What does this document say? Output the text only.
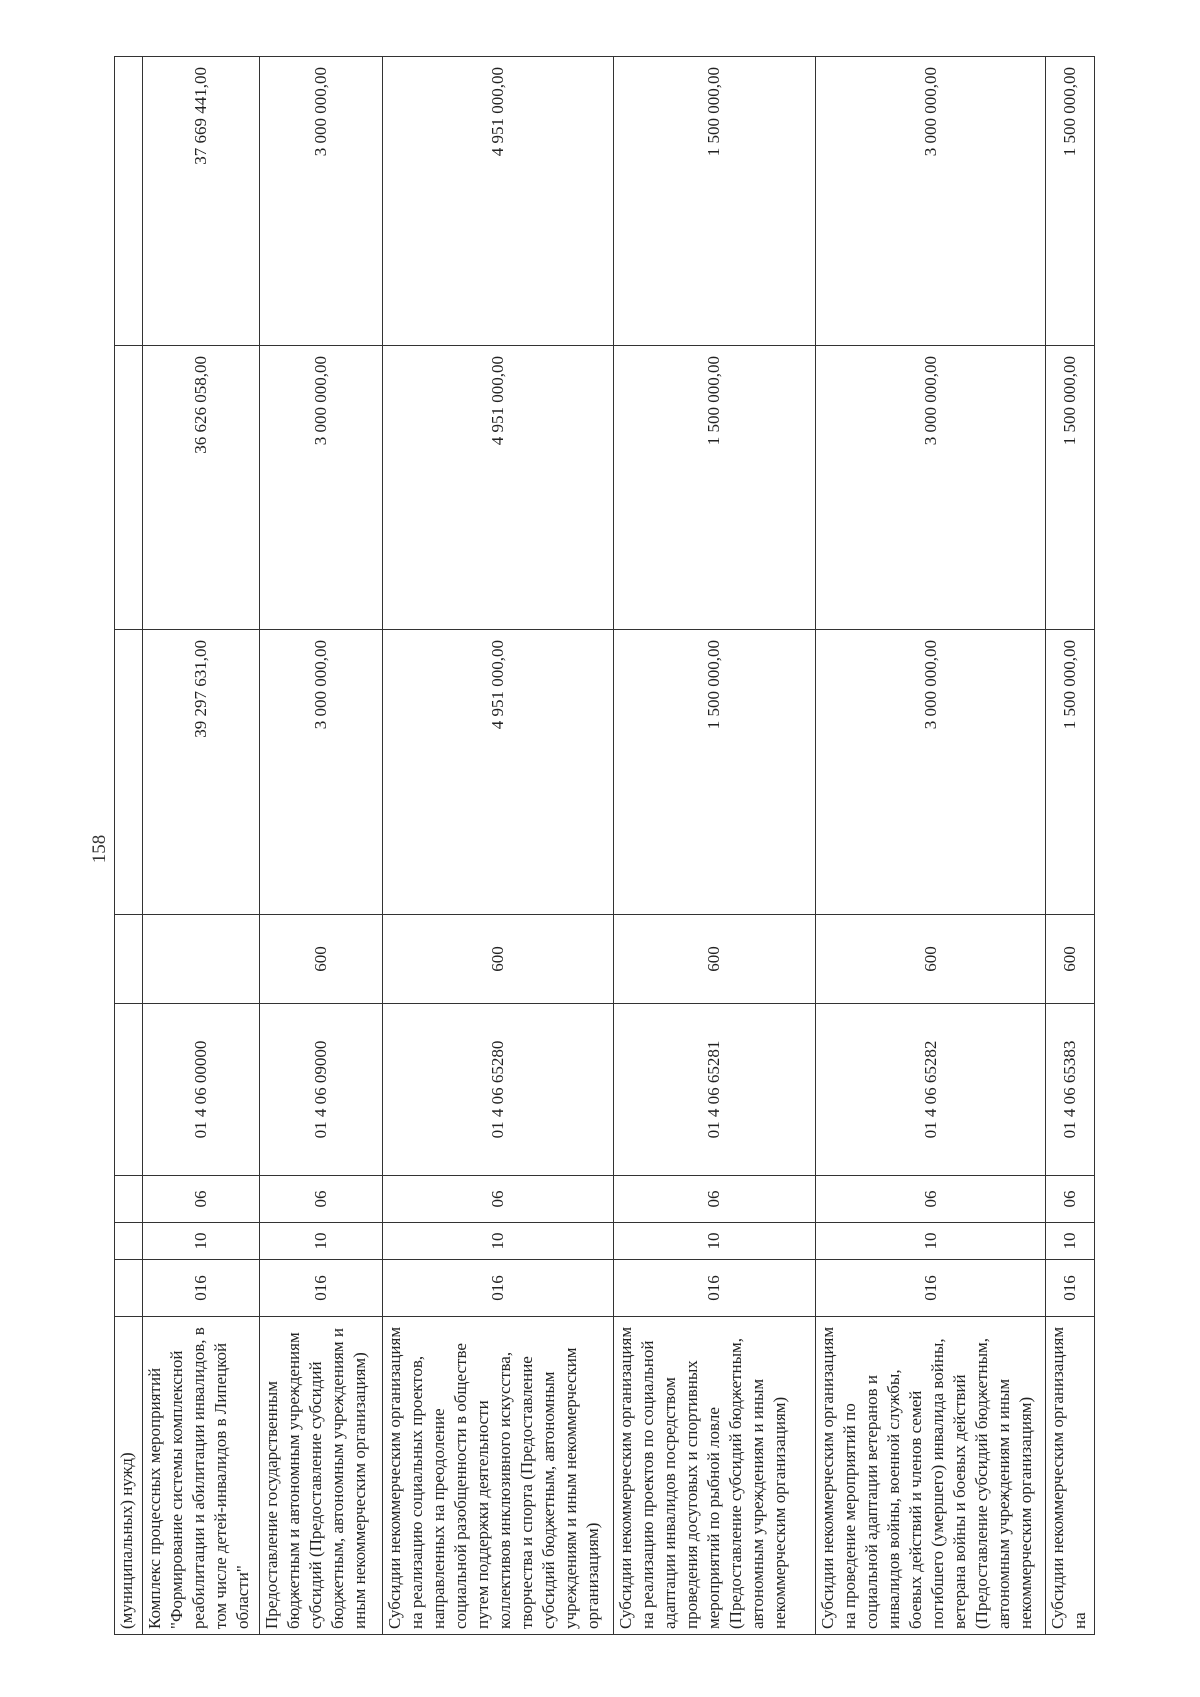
158
(муниципальных) нужд)								
Комплекс процессных мероприятий "Формирование системы комплексной реабилитации и абилитации инвалидов, в том числе детей-инвалидов в Липецкой области"	016	10	06	01 4 06 00000		39 297 631,00	36 626 058,00	37 669 441,00
Предоставление государственным бюджетным и автономным учреждениям субсидий (Предоставление субсидий бюджетным, автономным учреждениям и иным некоммерческим организациям)	016	10	06	01 4 06 09000	600	3 000 000,00	3 000 000,00	3 000 000,00
Субсидии некоммерческим организациям на реализацию социальных проектов, направленных на преодоление социальной разобщенности в обществе путем поддержки деятельности коллективов инклюзивного искусства, творчества и спорта (Предоставление субсидий бюджетным, автономным учреждениям и иным некоммерческим организациям)	016	10	06	01 4 06 65280	600	4 951 000,00	4 951 000,00	4 951 000,00
Субсидии некоммерческим организациям на реализацию проектов по социальной адаптации инвалидов посредством проведения досуговых и спортивных мероприятий по рыбной ловле (Предоставление субсидий бюджетным, автономным учреждениям и иным некоммерческим организациям)	016	10	06	01 4 06 65281	600	1 500 000,00	1 500 000,00	1 500 000,00
Субсидии некоммерческим организациям на проведение мероприятий по социальной адаптации ветеранов и инвалидов войны, военной службы, боевых действий и членов семей погибшего (умершего) инвалида войны, ветерана войны и боевых действий (Предоставление субсидий бюджетным, автономным учреждениям и иным некоммерческим организациям)	016	10	06	01 4 06 65282	600	3 000 000,00	3 000 000,00	3 000 000,00
Субсидии некоммерческим организациям на	016	10	06	01 4 06 65383	600	1 500 000,00	1 500 000,00	1 500 000,00
